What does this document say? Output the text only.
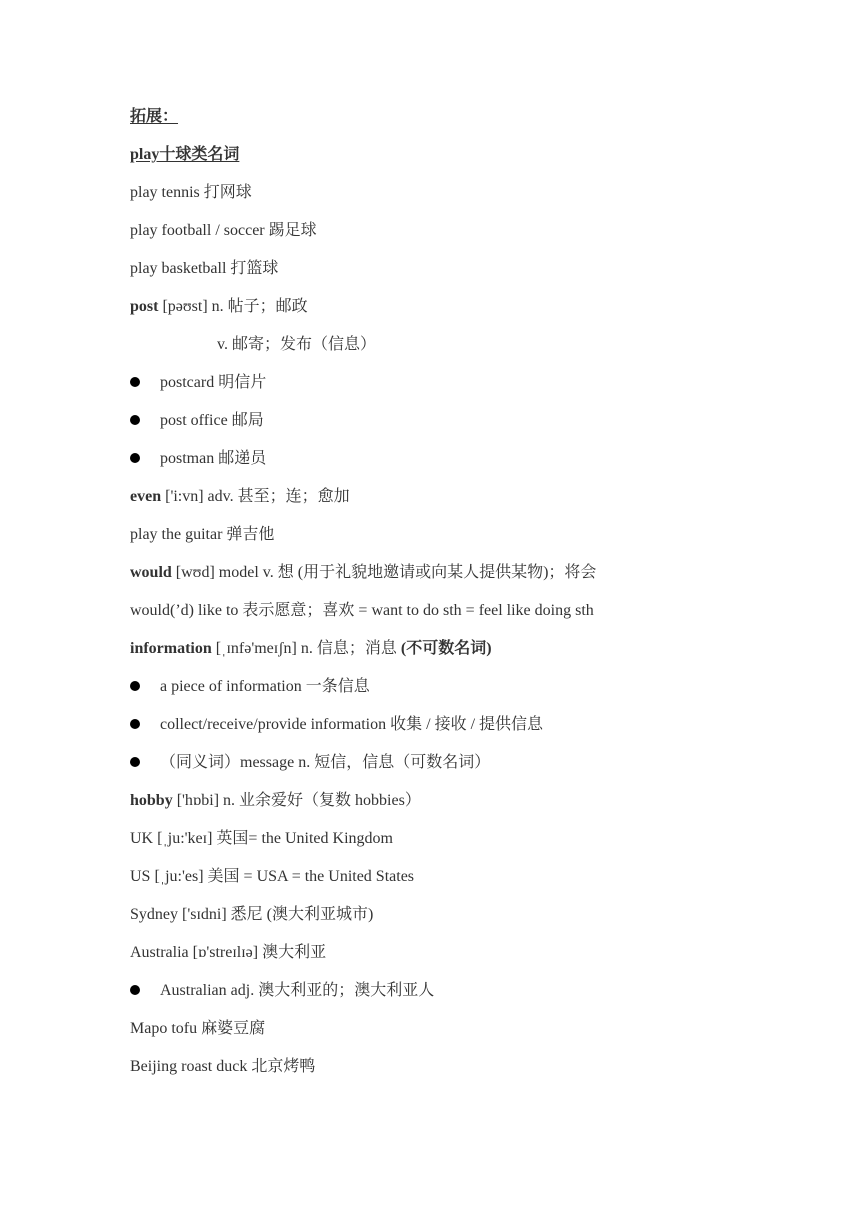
拓展：
play十球类名词
play tennis 打网球
play football / soccer 踢足球
play basketball 打篮球
post [pəʊst] n. 帖子；邮政
v. 邮寄；发布（信息）
postcard 明信片
post office 邮局
postman 邮递员
even ['i:vn] adv. 甚至；连；愈加
play the guitar 弹吉他
would [wʊd] model v. 想 (用于礼貌地邀请或向某人提供某物)；将会
would(’d) like to 表示愿意；喜欢 = want to do sth = feel like doing sth
information [ˌɪnfə'meɪʃn] n. 信息；消息 (不可数名词)
a piece of information 一条信息
collect/receive/provide information 收集 / 接收 / 提供信息
（同义词）message n. 短信，信息（可数名词）
hobby ['hɒbi] n. 业余爱好（复数 hobbies）
UK [ˌju:'keɪ] 英国= the United Kingdom
US [ˌju:'es] 美国 = USA = the United States
Sydney ['sɪdni] 悉尼 (澳大利亚城市)
Australia [ɒ'streɪlɪə] 澳大利亚
Australian adj. 澳大利亚的；澳大利亚人
Mapo tofu 麻婆豆腐
Beijing roast duck 北京烤鸭
